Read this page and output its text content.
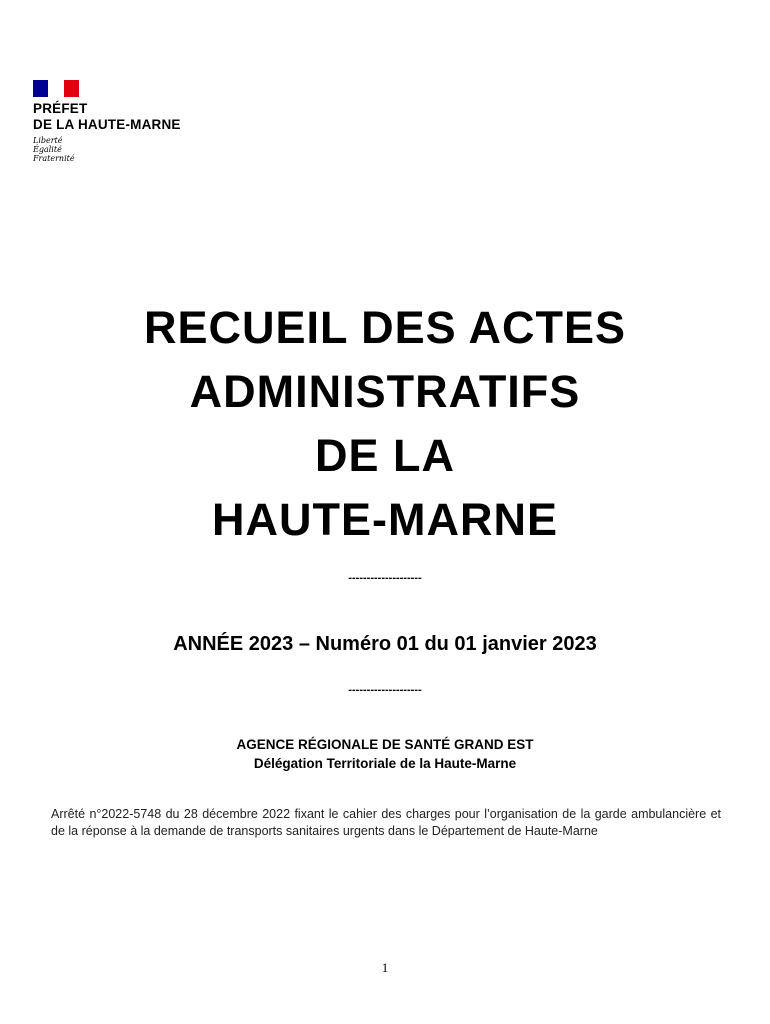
PRÉFET
DE LA HAUTE-MARNE
Liberté
Égalité
Fraternité
RECUEIL DES ACTES
ADMINISTRATIFS
DE LA
HAUTE-MARNE
--------------------
ANNÉE 2023 – Numéro 01 du 01 janvier 2023
--------------------
AGENCE RÉGIONALE DE SANTÉ GRAND EST
Délégation Territoriale de la Haute-Marne
Arrêté n°2022-5748 du 28 décembre 2022 fixant le cahier des charges pour l’organisation de la garde ambulancière et de la réponse à la demande de transports sanitaires urgents dans le Département de Haute-Marne
1
